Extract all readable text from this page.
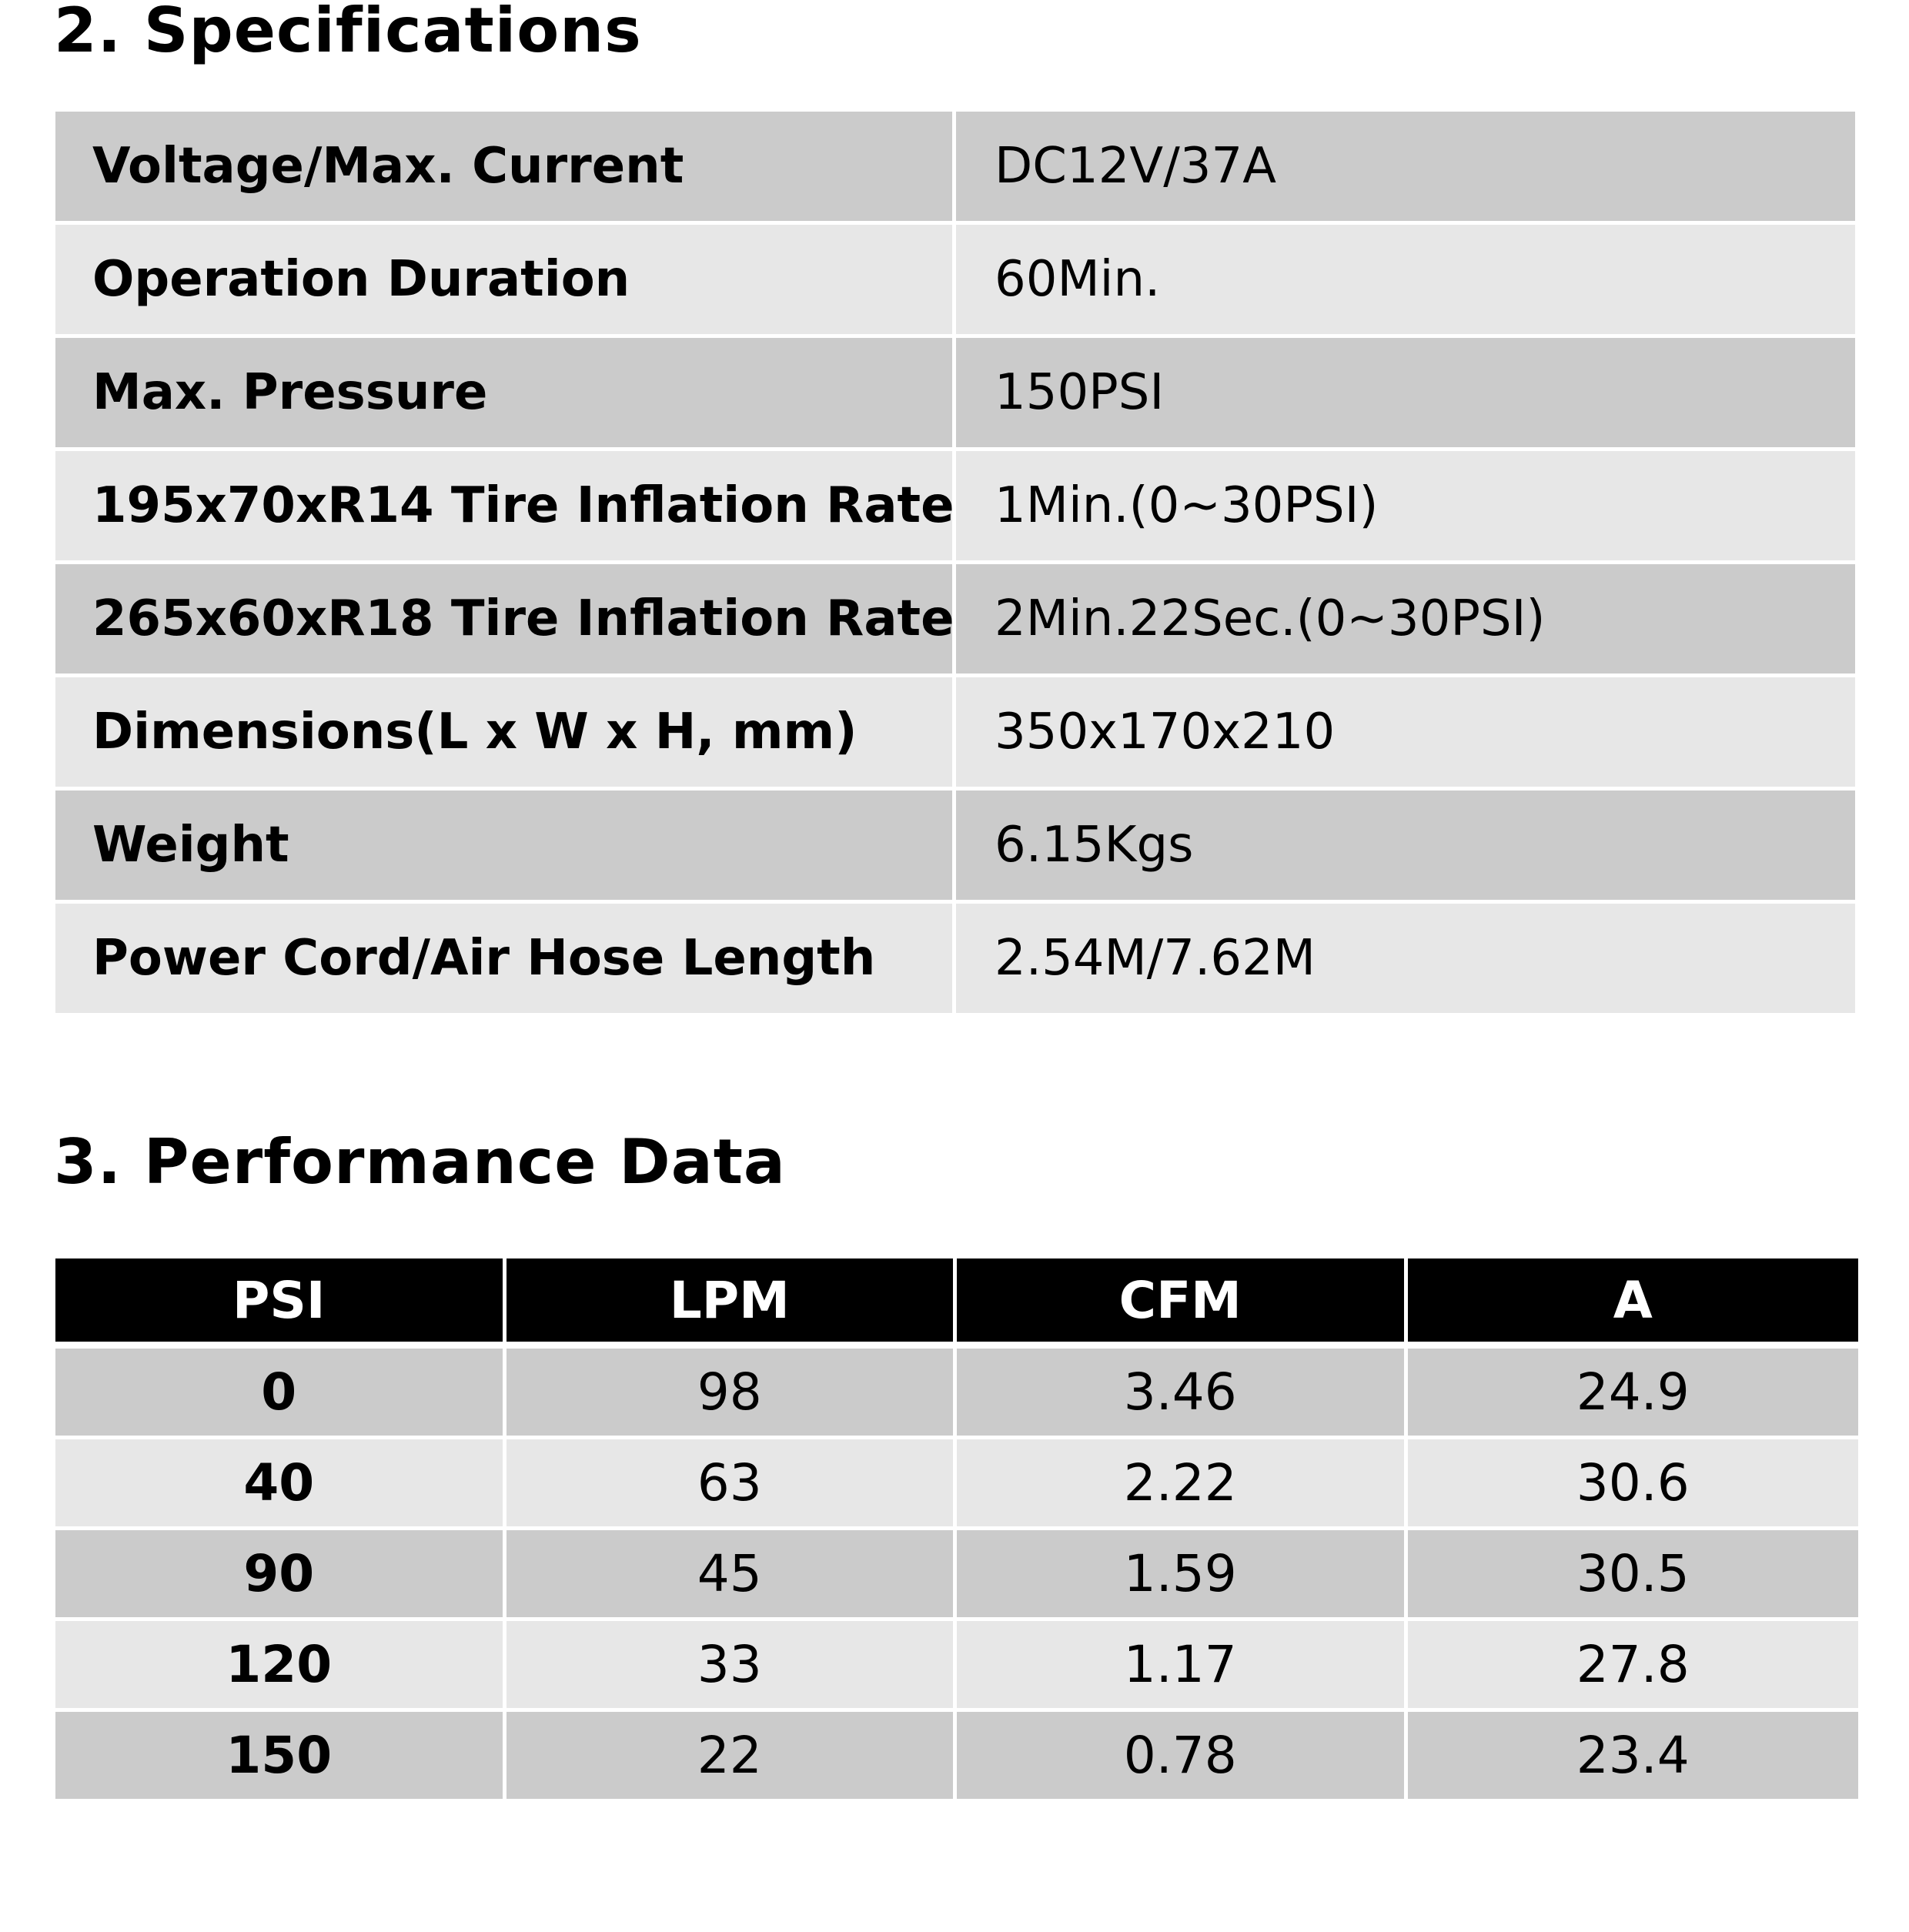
2. Specifications
Voltage/Max. Current	DC12V/37A
Operation Duration	60Min.
Max. Pressure	150PSI
195x70xR14 Tire Inflation Rate	1Min.(0~30PSI)
265x60xR18 Tire Inflation Rate	2Min.22Sec.(0~30PSI)
Dimensions(L x W x H, mm)	350x170x210
Weight	6.15Kgs
Power Cord/Air Hose Length	2.54M/7.62M
3. Performance Data
PSI	LPM	CFM	A
0	98	3.46	24.9
40	63	2.22	30.6
90	45	1.59	30.5
120	33	1.17	27.8
150	22	0.78	23.4
